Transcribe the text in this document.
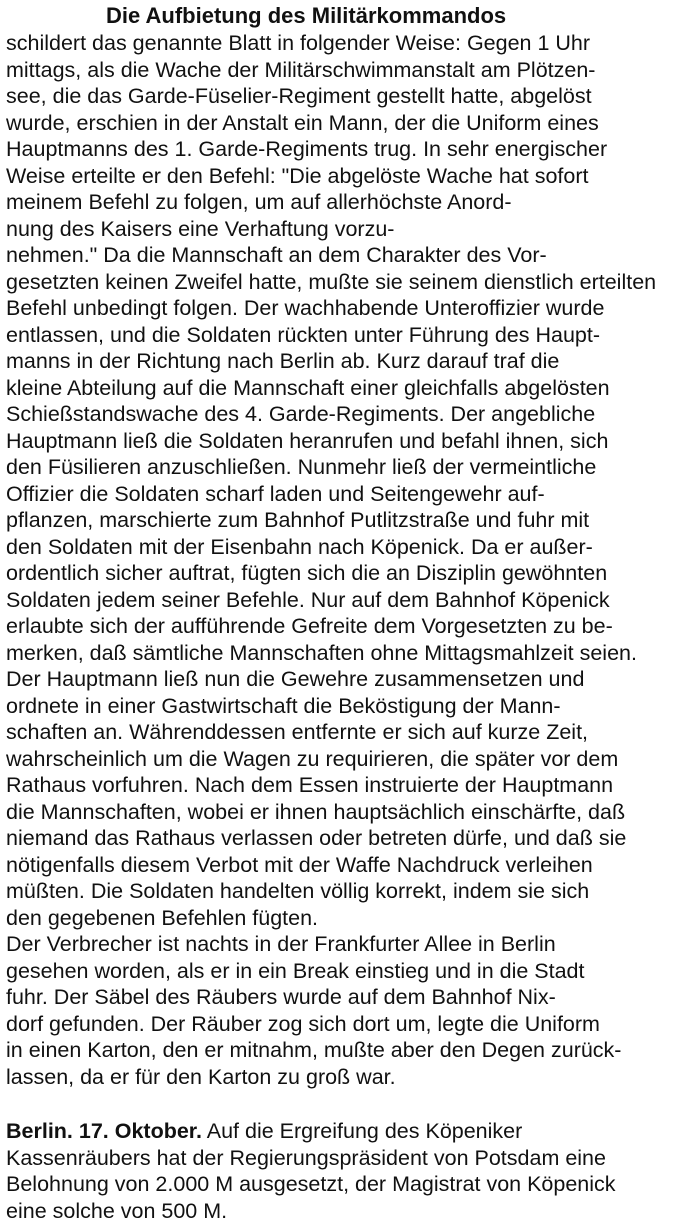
Die Aufbietung des Militärkommandos
schildert das genannte Blatt in folgender Weise: Gegen 1 Uhr
mittags, als die Wache der Militärschwimmanstalt am Plötzen-
see, die das Garde-Füselier-Regiment gestellt hatte, abgelöst
wurde, erschien in der Anstalt ein Mann, der die Uniform eines
Hauptmanns des 1. Garde-Regiments trug. In sehr energischer
Weise erteilte er den Befehl: "Die abgelöste Wache hat sofort
meinem Befehl zu folgen, um auf allerhöchste Anord-
nung des Kaisers eine Verhaftung vorzu-
nehmen." Da die Mannschaft an dem Charakter des Vor-
gesetzten keinen Zweifel hatte, mußte sie seinem dienstlich erteilten
Befehl unbedingt folgen. Der wachhabende Unteroffizier wurde
entlassen, und die Soldaten rückten unter Führung des Haupt-
manns in der Richtung nach Berlin ab. Kurz darauf traf die
kleine Abteilung auf die Mannschaft einer gleichfalls abgelösten
Schießstandswache des 4. Garde-Regiments. Der angebliche
Hauptmann ließ die Soldaten heranrufen und befahl ihnen, sich
den Füsilieren anzuschließen. Nunmehr ließ der vermeintliche
Offizier die Soldaten scharf laden und Seitengewehr auf-
pflanzen, marschierte zum Bahnhof Putlitzstraße und fuhr mit
den Soldaten mit der Eisenbahn nach Köpenick. Da er außer-
ordentlich sicher auftrat, fügten sich die an Disziplin gewöhnten
Soldaten jedem seiner Befehle. Nur auf dem Bahnhof Köpenick
erlaubte sich der aufführende Gefreite dem Vorgesetzten zu be-
merken, daß sämtliche Mannschaften ohne Mittagsmahlzeit seien.
Der Hauptmann ließ nun die Gewehre zusammensetzen und
ordnete in einer Gastwirtschaft die Beköstigung der Mann-
schaften an. Währenddessen entfernte er sich auf kurze Zeit,
wahrscheinlich um die Wagen zu requirieren, die später vor dem
Rathaus vorfuhren. Nach dem Essen instruierte der Hauptmann
die Mannschaften, wobei er ihnen hauptsächlich einschärfte, daß
niemand das Rathaus verlassen oder betreten dürfe, und daß sie
nötigenfalls diesem Verbot mit der Waffe Nachdruck verleihen
müßten. Die Soldaten handelten völlig korrekt, indem sie sich
den gegebenen Befehlen fügten.
Der Verbrecher ist nachts in der Frankfurter Allee in Berlin
gesehen worden, als er in ein Break einstieg und in die Stadt
fuhr. Der Säbel des Räubers wurde auf dem Bahnhof Nix-
dorf gefunden. Der Räuber zog sich dort um, legte die Uniform
in einen Karton, den er mitnahm, mußte aber den Degen zurück-
lassen, da er für den Karton zu groß war.
Berlin. 17. Oktober. Auf die Ergreifung des Köpeniker
Kassenräubers hat der Regierungspräsident von Potsdam eine
Belohnung von 2.000 M ausgesetzt, der Magistrat von Köpenick
eine solche von 500 M.
